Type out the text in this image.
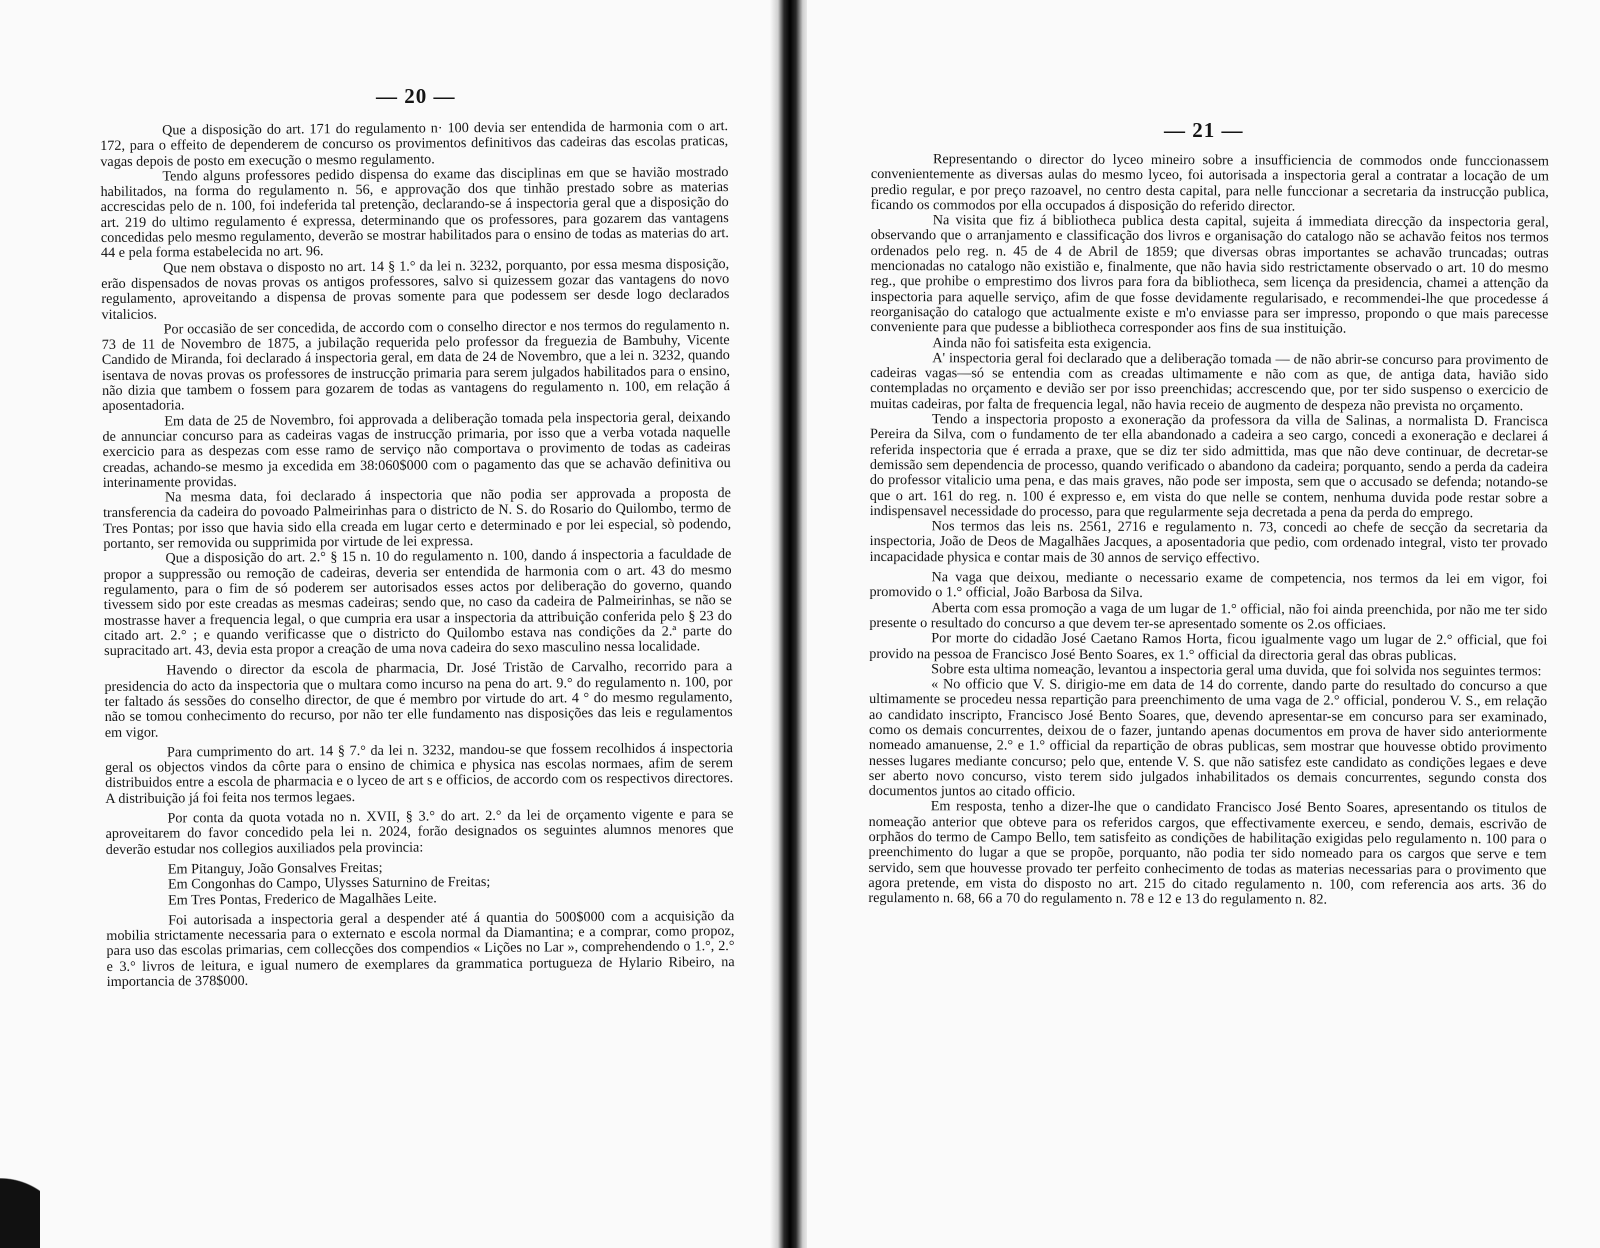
— 20 —

Que a disposição do art. 171 do regulamento n· 100 devia ser entendida de harmonia com o art. 172, para o effeito de dependerem de concurso os provimentos definitivos das cadeiras das escolas praticas, vagas depois de posto em execução o mesmo regulamento.

Tendo alguns professores pedido dispensa do exame das disciplinas em que se havião mostrado habilitados, na forma do regulamento n. 56, e approvação dos que tinhão prestado sobre as materias accrescidas pelo de n. 100, foi indeferida tal pretenção, declarando-se á inspectoria geral que a disposição do art. 219 do ultimo regulamento é expressa, determinando que os professores, para gozarem das vantagens concedidas pelo mesmo regulamento, deverão se mostrar habilitados para o ensino de todas as materias do art. 44 e pela forma estabelecida no art. 96.

Que nem obstava o disposto no art. 14 § 1.° da lei n. 3232, porquanto, por essa mesma disposição, erão dispensados de novas provas os antigos professores, salvo si quizessem gozar das vantagens do novo regulamento, aproveitando a dispensa de provas somente para que podessem ser desde logo declarados vitalicios.

Por occasião de ser concedida, de accordo com o conselho director e nos termos do regulamento n. 73 de 11 de Novembro de 1875, a jubilação requerida pelo professor da freguezia de Bambuhy, Vicente Candido de Miranda, foi declarado á inspectoria geral, em data de 24 de Novembro, que a lei n. 3232, quando isentava de novas provas os professores de instrucção primaria para serem julgados habilitados para o ensino, não dizia que tambem o fossem para gozarem de todas as vantagens do regulamento n. 100, em relação á aposentadoria.

Em data de 25 de Novembro, foi approvada a deliberação tomada pela inspectoria geral, deixando de annunciar concurso para as cadeiras vagas de instrucção primaria, por isso que a verba votada naquelle exercicio para as despezas com esse ramo de serviço não comportava o provimento de todas as cadeiras creadas, achando-se mesmo ja excedida em 38:060$000 com o pagamento das que se achavão definitiva ou interinamente providas.

Na mesma data, foi declarado á inspectoria que não podia ser approvada a proposta de transferencia da cadeira do povoado Palmeirinhas para o districto de N. S. do Rosario do Quilombo, termo de Tres Pontas; por isso que havia sido ella creada em lugar certo e determinado e por lei especial, sò podendo, portanto, ser removida ou supprimida por virtude de lei expressa.

Que a disposição do art. 2.° § 15 n. 10 do regulamento n. 100, dando á inspectoria a faculdade de propor a suppressão ou remoção de cadeiras, deveria ser entendida de harmonia com o art. 43 do mesmo regulamento, para o fim de só poderem ser autorisados esses actos por deliberação do governo, quando tivessem sido por este creadas as mesmas cadeiras; sendo que, no caso da cadeira de Palmeirinhas, se não se mostrasse haver a frequencia legal, o que cumpria era usar a inspectoria da attribuição conferida pelo § 23 do citado art. 2.° ; e quando verificasse que o districto do Quilombo estava nas condições da 2.ª parte do supracitado art. 43, devia esta propor a creação de uma nova cadeira do sexo masculino nessa localidade.

Havendo o director da escola de pharmacia, Dr. José Tristão de Carvalho, recorrido para a presidencia do acto da inspectoria que o multara como incurso na pena do art. 9.° do regulamento n. 100, por ter faltado ás sessões do conselho director, de que é membro por virtude do art. 4 ° do mesmo regulamento, não se tomou conhecimento do recurso, por não ter elle fundamento nas disposições das leis e regulamentos em vigor.

Para cumprimento do art. 14 § 7.° da lei n. 3232, mandou-se que fossem recolhidos á inspectoria geral os objectos vindos da côrte para o ensino de chimica e physica nas escolas normaes, afim de serem distribuidos entre a escola de pharmacia e o lyceo de art s e officios, de accordo com os respectivos directores. A distribuição já foi feita nos termos legaes.

Por conta da quota votada no n. XVII, § 3.° do art. 2.° da lei de orçamento vigente e para se aproveitarem do favor concedido pela lei n. 2024, forão designados os seguintes alumnos menores que deverão estudar nos collegios auxiliados pela provincia:

Em Pitanguy, João Gonsalves Freitas;

Em Congonhas do Campo, Ulysses Saturnino de Freitas;

Em Tres Pontas, Frederico de Magalhães Leite.

Foi autorisada a inspectoria geral a despender até á quantia do 500$000 com a acquisição da mobilia strictamente necessaria para o externato e escola normal da Diamantina; e a comprar, como propoz, para uso das escolas primarias, cem collecções dos compendios « Lições no Lar », comprehendendo o 1.°, 2.° e 3.° livros de leitura, e igual numero de exemplares da grammatica portugueza de Hylario Ribeiro, na importancia de 378$000.

— 21 —

Representando o director do lyceo mineiro sobre a insufficiencia de commodos onde funccionassem convenientemente as diversas aulas do mesmo lyceo, foi autorisada a inspectoria geral a contratar a locação de um predio regular, e por preço razoavel, no centro desta capital, para nelle funccionar a secretaria da instrucção publica, ficando os commodos por ella occupados á disposição do referido director.

Na visita que fiz á bibliotheca publica desta capital, sujeita á immediata direcção da inspectoria geral, observando que o arranjamento e classificação dos livros e organisação do catalogo não se achavão feitos nos termos ordenados pelo reg. n. 45 de 4 de Abril de 1859; que diversas obras importantes se achavão truncadas; outras mencionadas no catalogo não existião e, finalmente, que não havia sido restrictamente observado o art. 10 do mesmo reg., que prohibe o emprestimo dos livros para fora da bibliotheca, sem licença da presidencia, chamei a attenção da inspectoria para aquelle serviço, afim de que fosse devidamente regularisado, e recommendei-lhe que procedesse á reorganisação do catalogo que actualmente existe e m'o enviasse para ser impresso, propondo o que mais parecesse conveniente para que pudesse a bibliotheca corresponder aos fins de sua instituição.

Ainda não foi satisfeita esta exigencia.

A' inspectoria geral foi declarado que a deliberação tomada — de não abrir-se concurso para provimento de cadeiras vagas—só se entendia com as creadas ultimamente e não com as que, de antiga data, havião sido contempladas no orçamento e devião ser por isso preenchidas; accrescendo que, por ter sido suspenso o exercicio de muitas cadeiras, por falta de frequencia legal, não havia receio de augmento de despeza não prevista no orçamento.

Tendo a inspectoria proposto a exoneração da professora da villa de Salinas, a normalista D. Francisca Pereira da Silva, com o fundamento de ter ella abandonado a cadeira a seo cargo, concedi a exoneração e declarei á referida inspectoria que é errada a praxe, que se diz ter sido admittida, mas que não deve continuar, de decretar-se demissão sem dependencia de processo, quando verificado o abandono da cadeira; porquanto, sendo a perda da cadeira do professor vitalicio uma pena, e das mais graves, não pode ser imposta, sem que o accusado se defenda; notando-se que o art. 161 do reg. n. 100 é expresso e, em vista do que nelle se contem, nenhuma duvida pode restar sobre a indispensavel necessidade do processo, para que regularmente seja decretada a pena da perda do emprego.

Nos termos das leis ns. 2561, 2716 e regulamento n. 73, concedi ao chefe de secção da secretaria da inspectoria, João de Deos de Magalhães Jacques, a aposentadoria que pedio, com ordenado integral, visto ter provado incapacidade physica e contar mais de 30 annos de serviço effectivo.

Na vaga que deixou, mediante o necessario exame de competencia, nos termos da lei em vigor, foi promovido o 1.° official, João Barbosa da Silva.

Aberta com essa promoção a vaga de um lugar de 1.° official, não foi ainda preenchida, por não me ter sido presente o resultado do concurso a que devem ter-se apresentado somente os 2.os officiaes.

Por morte do cidadão José Caetano Ramos Horta, ficou igualmente vago um lugar de 2.° official, que foi provido na pessoa de Francisco José Bento Soares, ex 1.° official da directoria geral das obras publicas.

Sobre esta ultima nomeação, levantou a inspectoria geral uma duvida, que foi solvida nos seguintes termos:

« No officio que V. S. dirigio-me em data de 14 do corrente, dando parte do resultado do concurso a que ultimamente se procedeu nessa repartição para preenchimento de uma vaga de 2.° official, ponderou V. S., em relação ao candidato inscripto, Francisco José Bento Soares, que, devendo apresentar-se em concurso para ser examinado, como os demais concurrentes, deixou de o fazer, juntando apenas documentos em prova de haver sido anteriormente nomeado amanuense, 2.° e 1.° official da repartição de obras publicas, sem mostrar que houvesse obtido provimento nesses lugares mediante concurso; pelo que, entende V. S. que não satisfez este candidato as condições legaes e deve ser aberto novo concurso, visto terem sido julgados inhabilitados os demais concurrentes, segundo consta dos documentos juntos ao citado officio.

Em resposta, tenho a dizer-lhe que o candidato Francisco José Bento Soares, apresentando os titulos de nomeação anterior que obteve para os referidos cargos, que effectivamente exerceu, e sendo, demais, escrivão de orphãos do termo de Campo Bello, tem satisfeito as condições de habilitação exigidas pelo regulamento n. 100 para o preenchimento do lugar a que se propõe, porquanto, não podia ter sido nomeado para os cargos que serve e tem servido, sem que houvesse provado ter perfeito conhecimento de todas as materias necessarias para o provimento que agora pretende, em vista do disposto no art. 215 do citado regulamento n. 100, com referencia aos arts. 36 do regulamento n. 68, 66 a 70 do regulamento n. 78 e 12 e 13 do regulamento n. 82.
